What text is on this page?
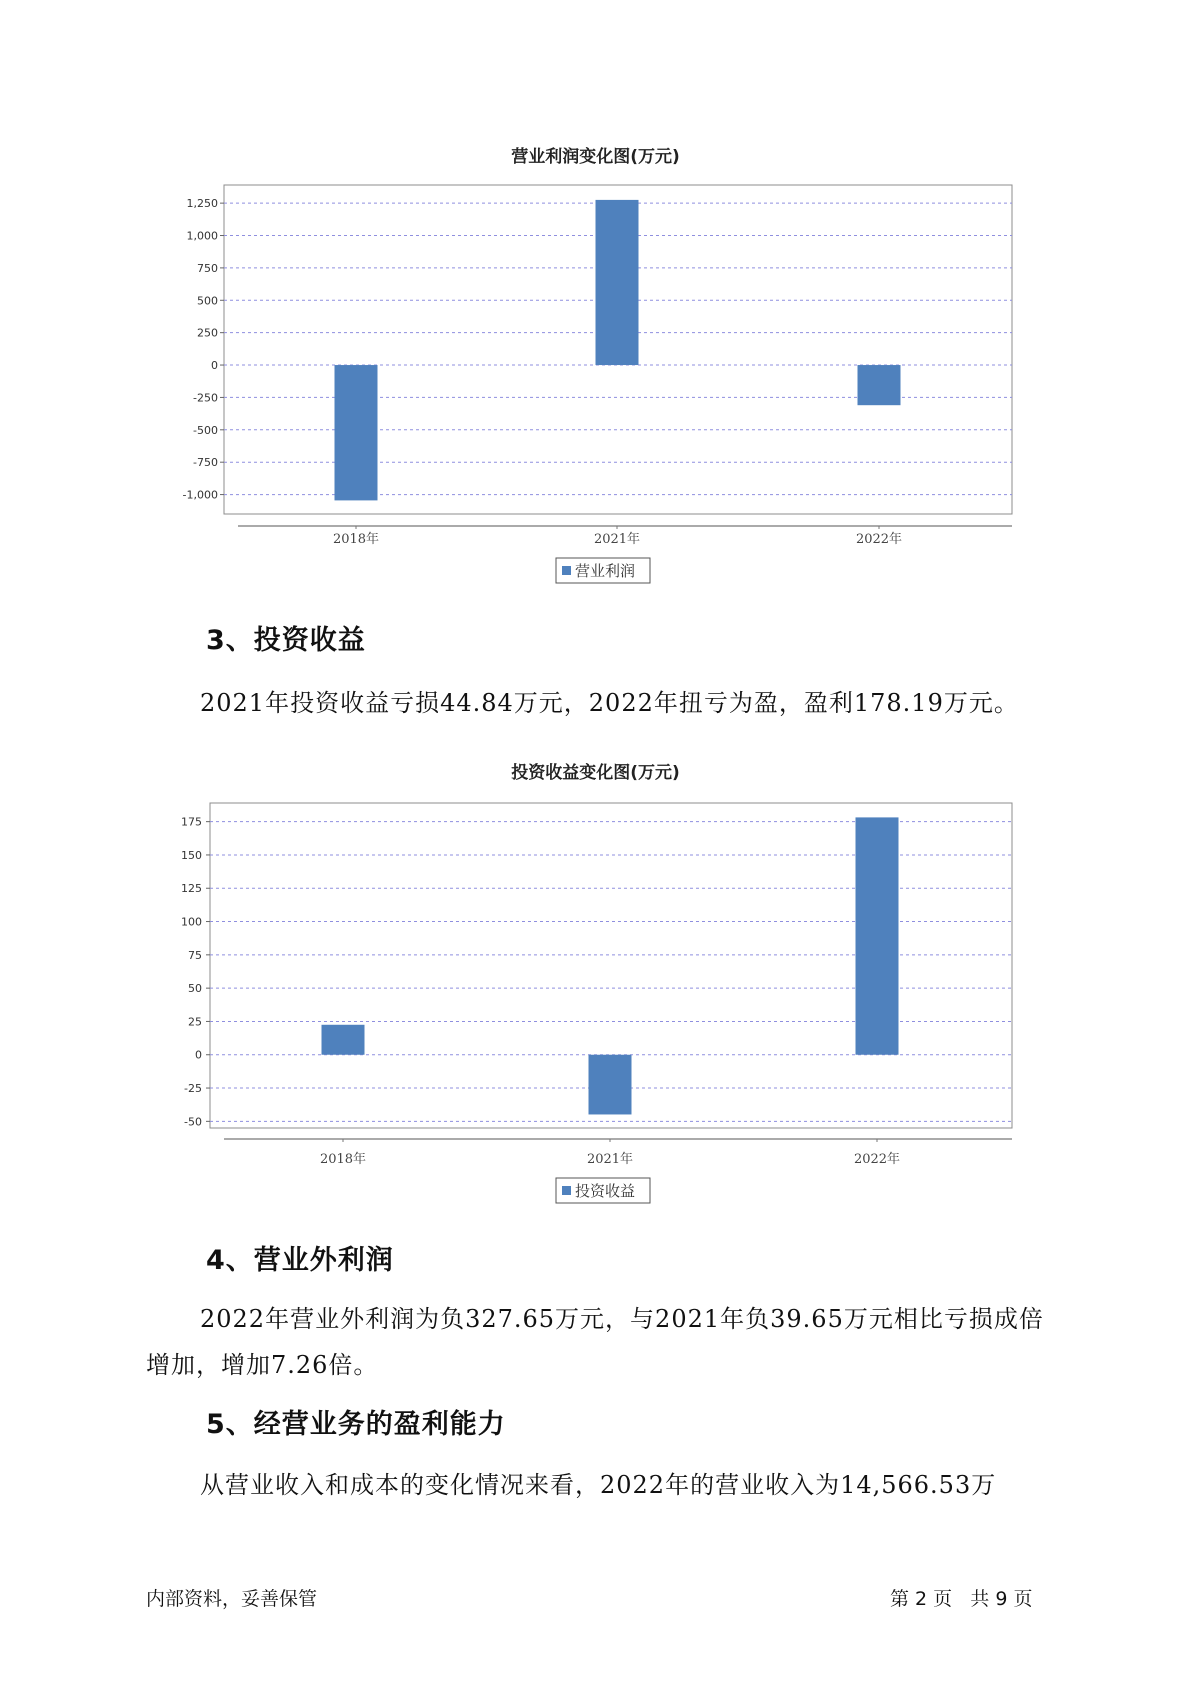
营业利润变化图(万元)
1,250
1,000
750
500
250
0
-250
-500
-750
-1,000
2018年	2021年	2022年
营业利润
3、投资收益

2021年投资收益亏损44.84万元，2022年扭亏为盈，盈利178.19万元。

投资收益变化图(万元)
175
150
125
100
75
50
25
0
-25
-50
2018年	2021年	2022年
投资收益
4、营业外利润

2022年营业外利润为负327.65万元，与2021年负39.65万元相比亏损成倍增加，增加7.26倍。

5、经营业务的盈利能力

从营业收入和成本的变化情况来看，2022年的营业收入为14,566.53万

内部资料，妥善保管	第 2 页   共 9 页
